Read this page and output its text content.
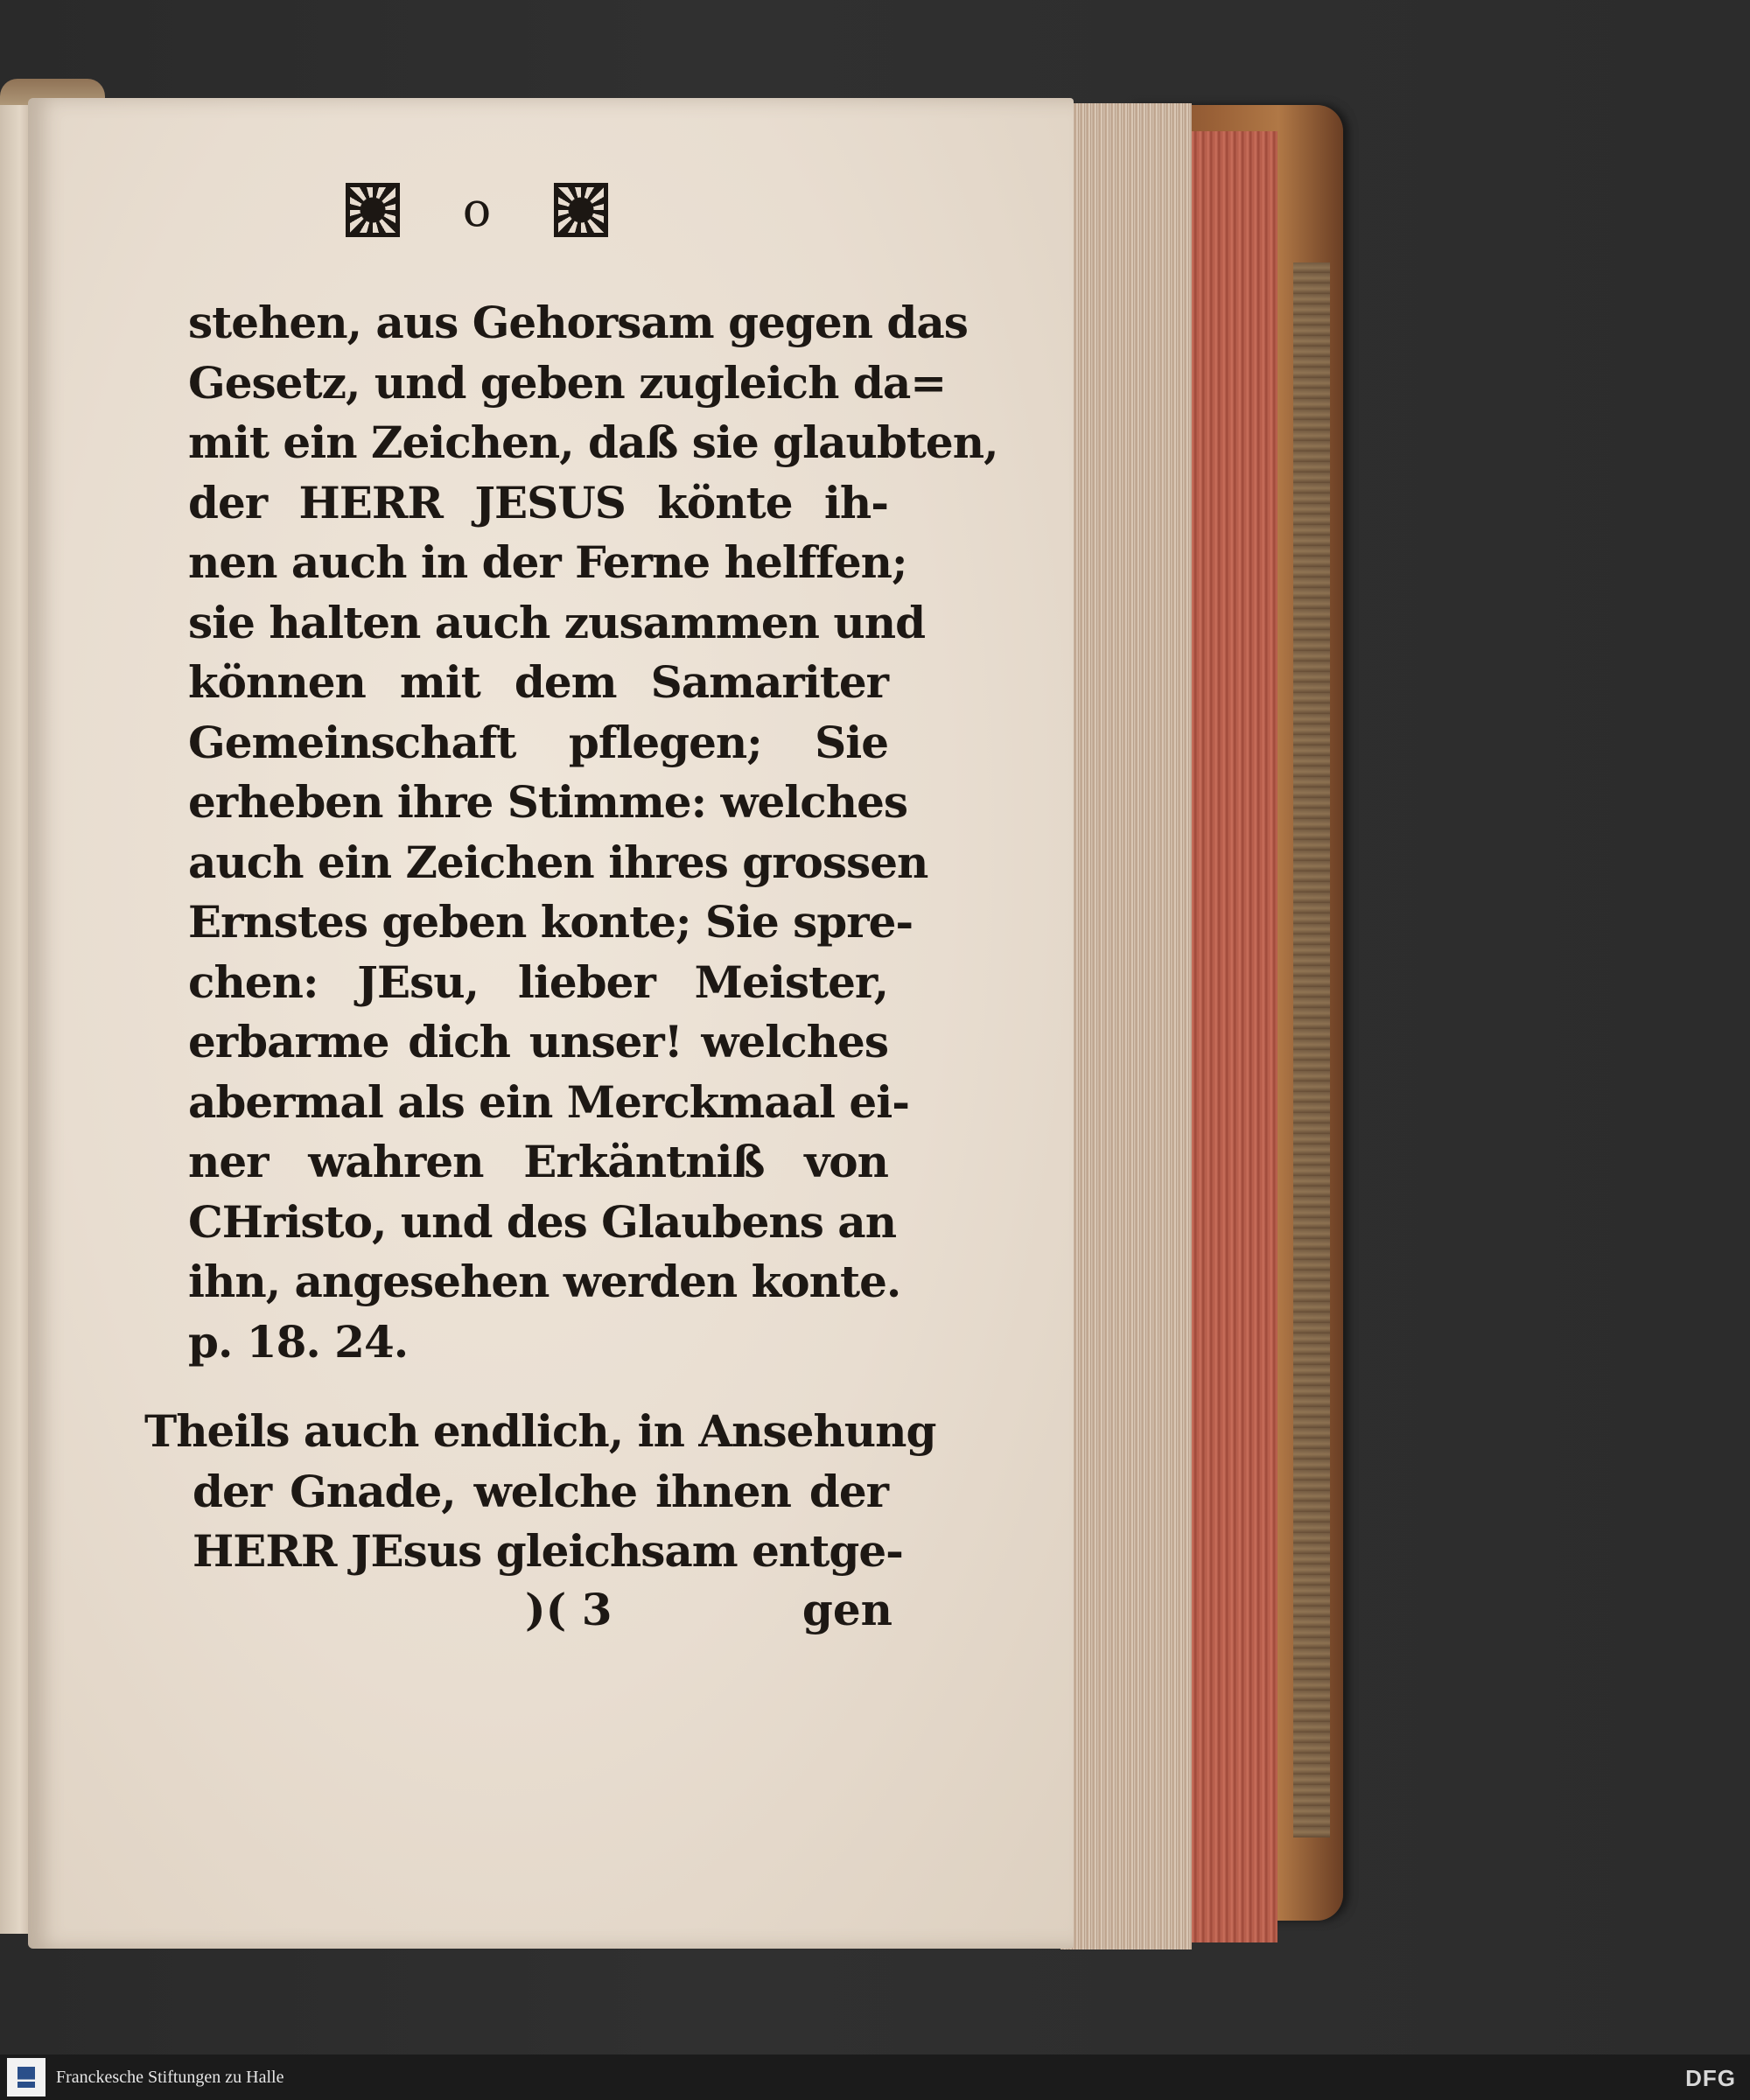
o
stehen, aus Gehorsam gegen das
Gesetz, und geben zugleich da=
mit ein Zeichen, daß sie glaubten,
der HERR JESUS könte ih-
nen auch in der Ferne helffen;
sie halten auch zusammen und
können mit dem Samariter
Gemeinschaft pflegen; Sie
erheben ihre Stimme: welches
auch ein Zeichen ihres grossen
Ernstes geben konte; Sie spre-
chen: JEsu, lieber Meister,
erbarme dich unser! welches
abermal als ein Merckmaal ei-
ner wahren Erkäntniß von
CHristo, und des Glaubens an
ihn, angesehen werden konte.
p. 18. 24.
Theils auch endlich, in Ansehung
der Gnade, welche ihnen der
HERR JEsus gleichsam entge-
)( 3	gen
Franckesche Stiftungen zu Halle	DFG
